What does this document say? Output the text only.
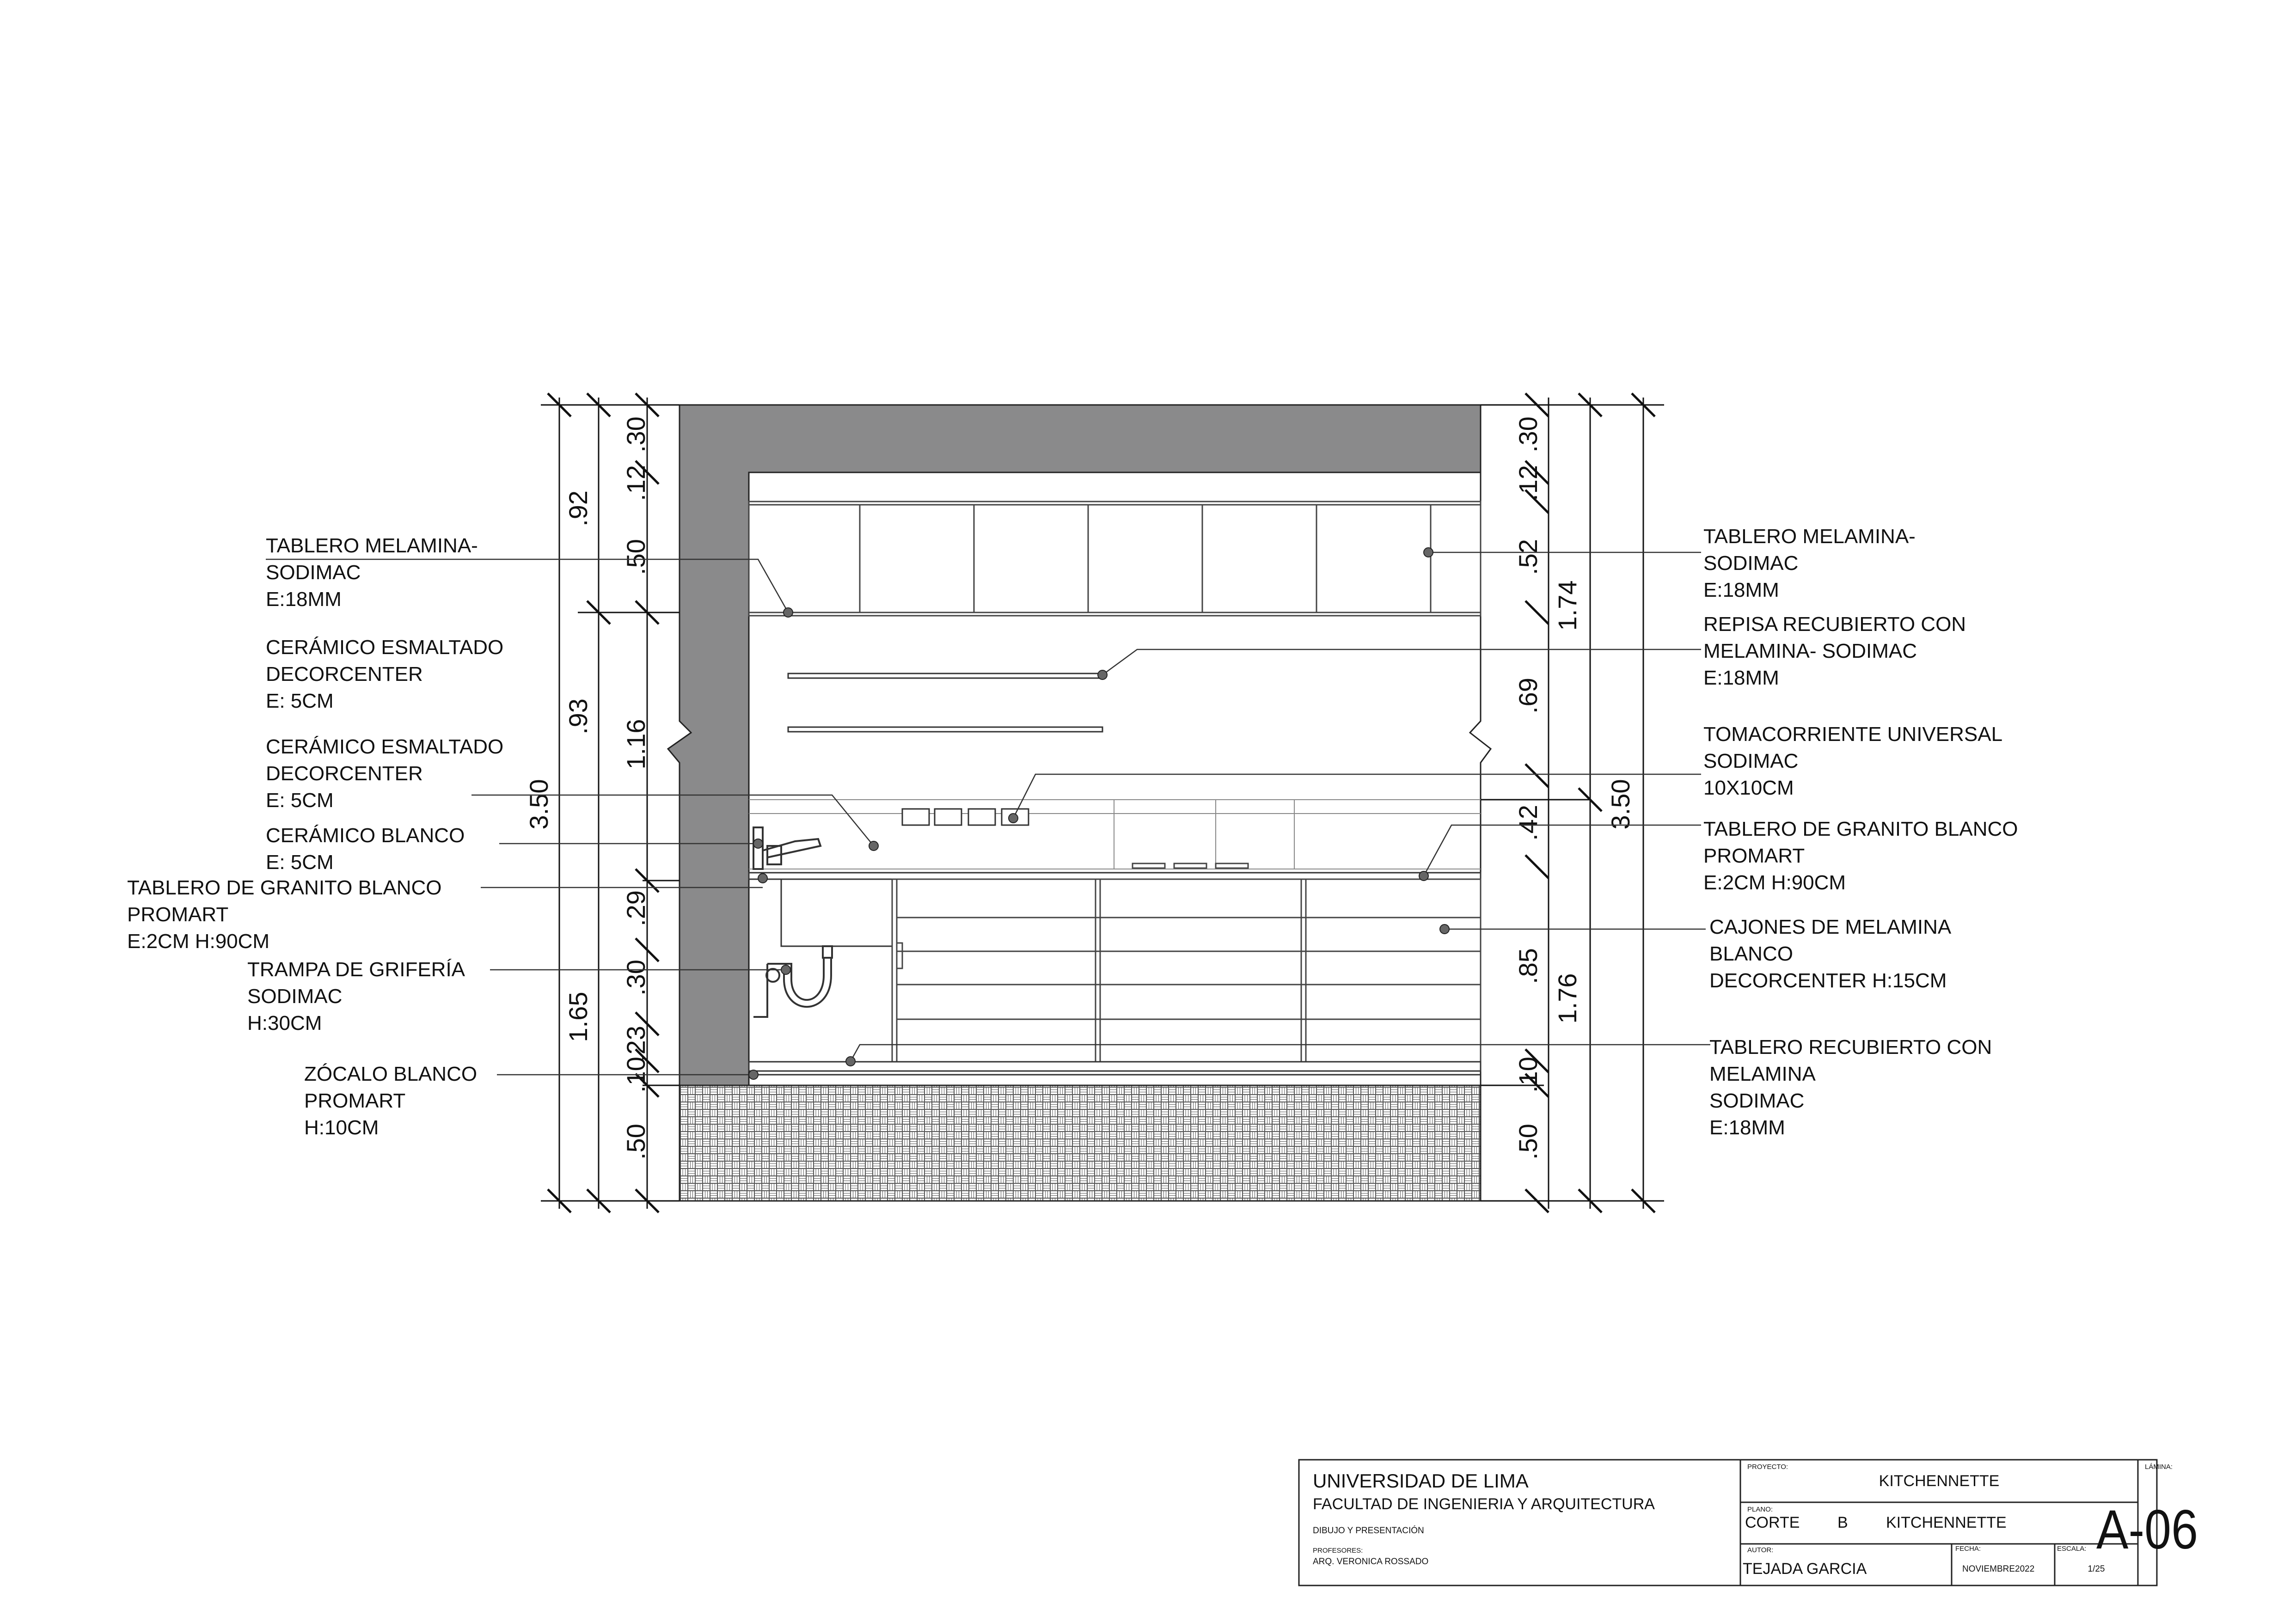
3.50
.92
.93
1.65
.30
.12
.50
1.16
.29
.30
.23
.10
.50
.30
.12
.52
.69
.42
.85
.10
.50
1.74
1.76
3.50
TABLERO MELAMINA- SODIMAC E:18MM
CERÁMICO ESMALTADO DECORCENTER E: 5CM
CERÁMICO ESMALTADO DECORCENTER E: 5CM
CERÁMICO BLANCO E: 5CM
TABLERO DE GRANITO BLANCO PROMART E:2CM H:90CM
TRAMPA DE GRIFERÍA SODIMAC H:30CM
ZÓCALO BLANCO PROMART H:10CM
TABLERO MELAMINA- SODIMAC E:18MM
REPISA RECUBIERTO CON MELAMINA- SODIMAC E:18MM
TOMACORRIENTE UNIVERSAL SODIMAC 10X10CM
TABLERO DE GRANITO BLANCO PROMART E:2CM H:90CM
CAJONES DE MELAMINA BLANCO DECORCENTER H:15CM
TABLERO RECUBIERTO CON MELAMINA SODIMAC E:18MM
UNIVERSIDAD DE LIMA
FACULTAD DE INGENIERIA Y ARQUITECTURA
DIBUJO Y PRESENTACIÓN
PROFESORES:
ARQ. VERONICA ROSSADO
PROYECTO:
KITCHENNETTE
PLANO:
CORTE B KITCHENNETTE
AUTOR:
TEJADA GARCIA
FECHA:
NOVIEMBRE2022
ESCALA:
1/25
LÁMINA:
A-06
